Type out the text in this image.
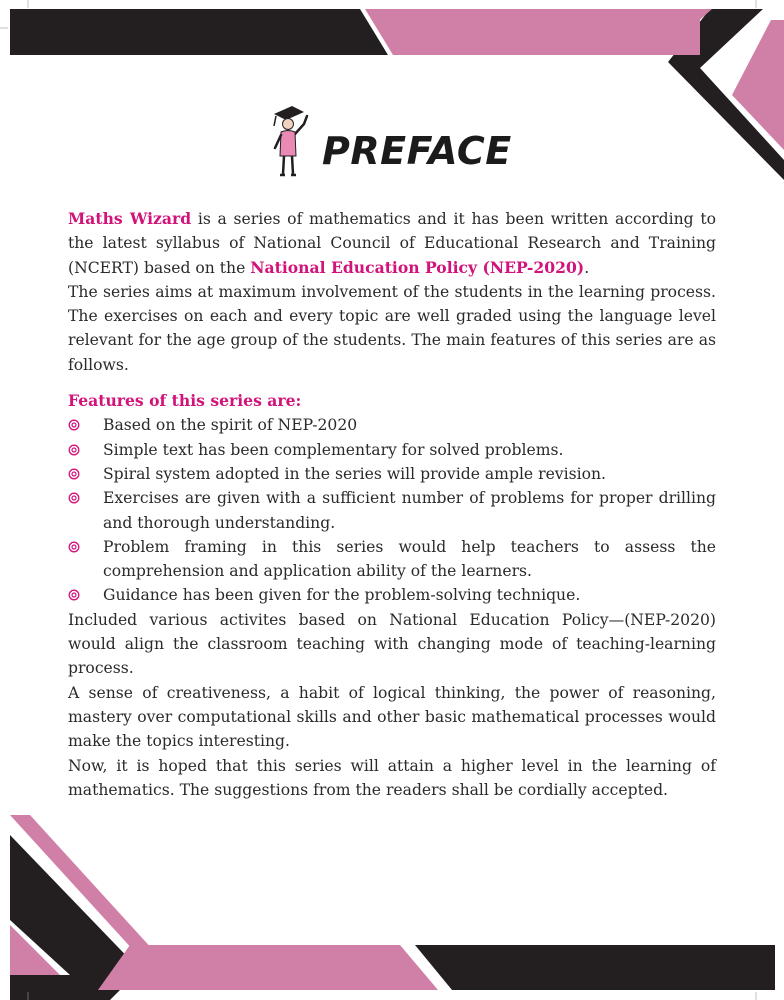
PREFACE

Maths Wizard is a series of mathematics and it has been written according to the latest syllabus of National Council of Educational Research and Training (NCERT) based on the National Education Policy (NEP-2020).

The series aims at maximum involvement of the students in the learning process. The exercises on each and every topic are well graded using the language level relevant for the age group of the students. The main features of this series are as follows.

Features of this series are:

Based on the spirit of NEP-2020
Simple text has been complementary for solved problems.
Spiral system adopted in the series will provide ample revision.
Exercises are given with a sufficient number of problems for proper drilling and thorough understanding.
Problem framing in this series would help teachers to assess the comprehension and application ability of the learners.
Guidance has been given for the problem-solving technique.

Included various activites based on National Education Policy—(NEP-2020) would align the classroom teaching with changing mode of teaching-learning process.

A sense of creativeness, a habit of logical thinking, the power of reasoning, mastery over computational skills and other basic mathematical processes would make the topics interesting.

Now, it is hoped that this series will attain a higher level in the learning of mathematics. The suggestions from the readers shall be cordially accepted.
